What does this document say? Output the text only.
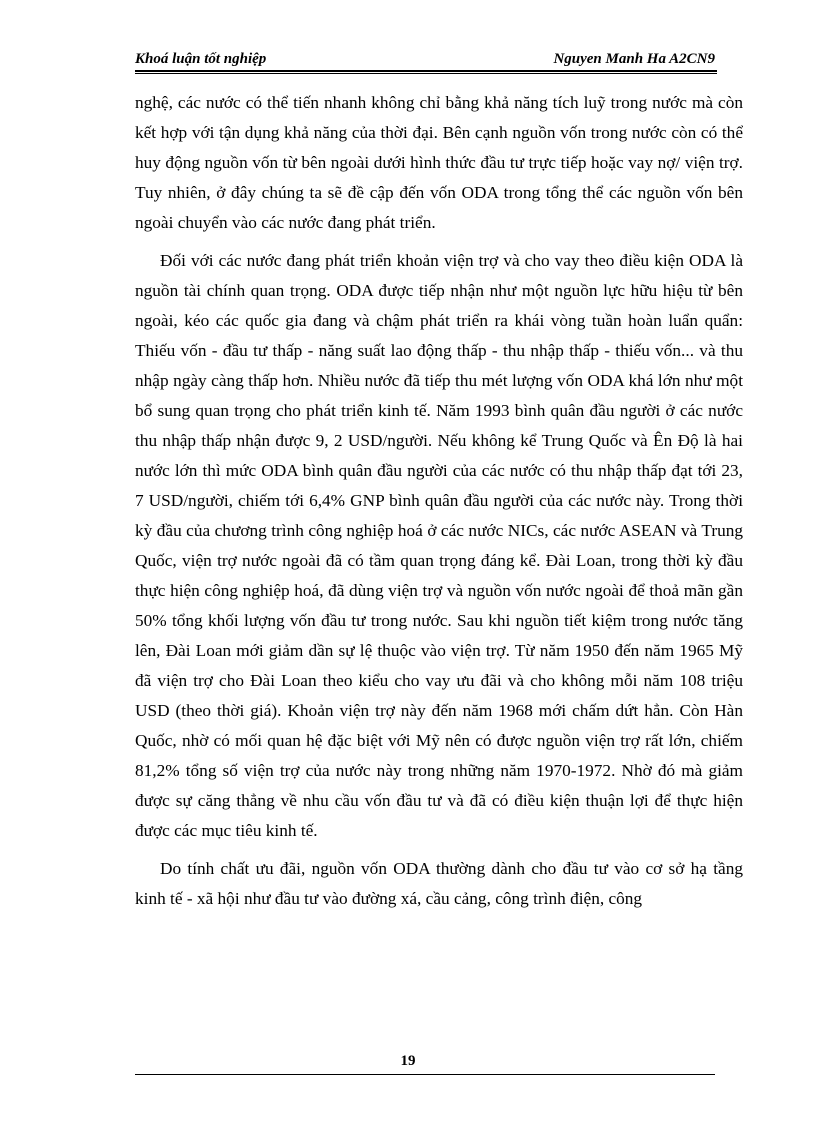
Khoá luận tốt nghiệp	Nguyen Manh Ha A2CN9

nghệ, các nước có thể tiến nhanh không chỉ bằng khả năng tích luỹ trong nước mà còn kết hợp với tận dụng khả năng của thời đại. Bên cạnh nguồn vốn trong nước còn có thể huy động nguồn vốn từ bên ngoài dưới hình thức đầu tư trực tiếp hoặc vay nợ/ viện trợ. Tuy nhiên, ở đây chúng ta sẽ đề cập đến vốn ODA trong tổng thể các nguồn vốn bên ngoài chuyển vào các nước đang phát triển.

Đối với các nước đang phát triển khoản viện trợ và cho vay theo điều kiện ODA là nguồn tài chính quan trọng. ODA được tiếp nhận như một nguồn lực hữu hiệu từ bên ngoài, kéo các quốc gia đang và chậm phát triển ra khái vòng tuần hoàn luẩn quẩn: Thiếu vốn - đầu tư thấp - năng suất lao động thấp - thu nhập thấp - thiếu vốn... và thu nhập ngày càng thấp hơn. Nhiều nước đã tiếp thu mét lượng vốn ODA khá lớn như một bổ sung quan trọng cho phát triển kinh tế. Năm 1993 bình quân đầu người ở các nước thu nhập thấp nhận được 9, 2 USD/người. Nếu không kể Trung Quốc và Ên Độ là hai nước lớn thì mức ODA bình quân đầu người của các nước có thu nhập thấp đạt tới 23, 7 USD/người, chiếm tới 6,4% GNP bình quân đầu người của các nước này. Trong thời kỳ đầu của chương trình công nghiệp hoá ở các nước NICs, các nước ASEAN và Trung Quốc, viện trợ nước ngoài đã có tầm quan trọng đáng kể. Đài Loan, trong thời kỳ đầu thực hiện công nghiệp hoá, đã dùng viện trợ và nguồn vốn nước ngoài để thoả mãn gần 50% tổng khối lượng vốn đầu tư trong nước. Sau khi nguồn tiết kiệm trong nước tăng lên, Đài Loan mới giảm dần sự lệ thuộc vào viện trợ. Từ năm 1950 đến năm 1965 Mỹ đã viện trợ cho Đài Loan theo kiểu cho vay ưu đãi và cho không mỗi năm 108 triệu USD (theo thời giá). Khoản viện trợ này đến năm 1968 mới chấm dứt hẳn. Còn Hàn Quốc, nhờ có mối quan hệ đặc biệt với Mỹ nên có được nguồn viện trợ rất lớn, chiếm 81,2% tổng số viện trợ của nước này trong những năm 1970-1972. Nhờ đó mà giảm được sự căng thẳng về nhu cầu vốn đầu tư và đã có điều kiện thuận lợi để thực hiện được các mục tiêu kinh tế.

Do tính chất ưu đãi, nguồn vốn ODA thường dành cho đầu tư vào cơ sở hạ tầng kinh tế - xã hội như đầu tư vào đường xá, cầu cảng, công trình điện, công

19
